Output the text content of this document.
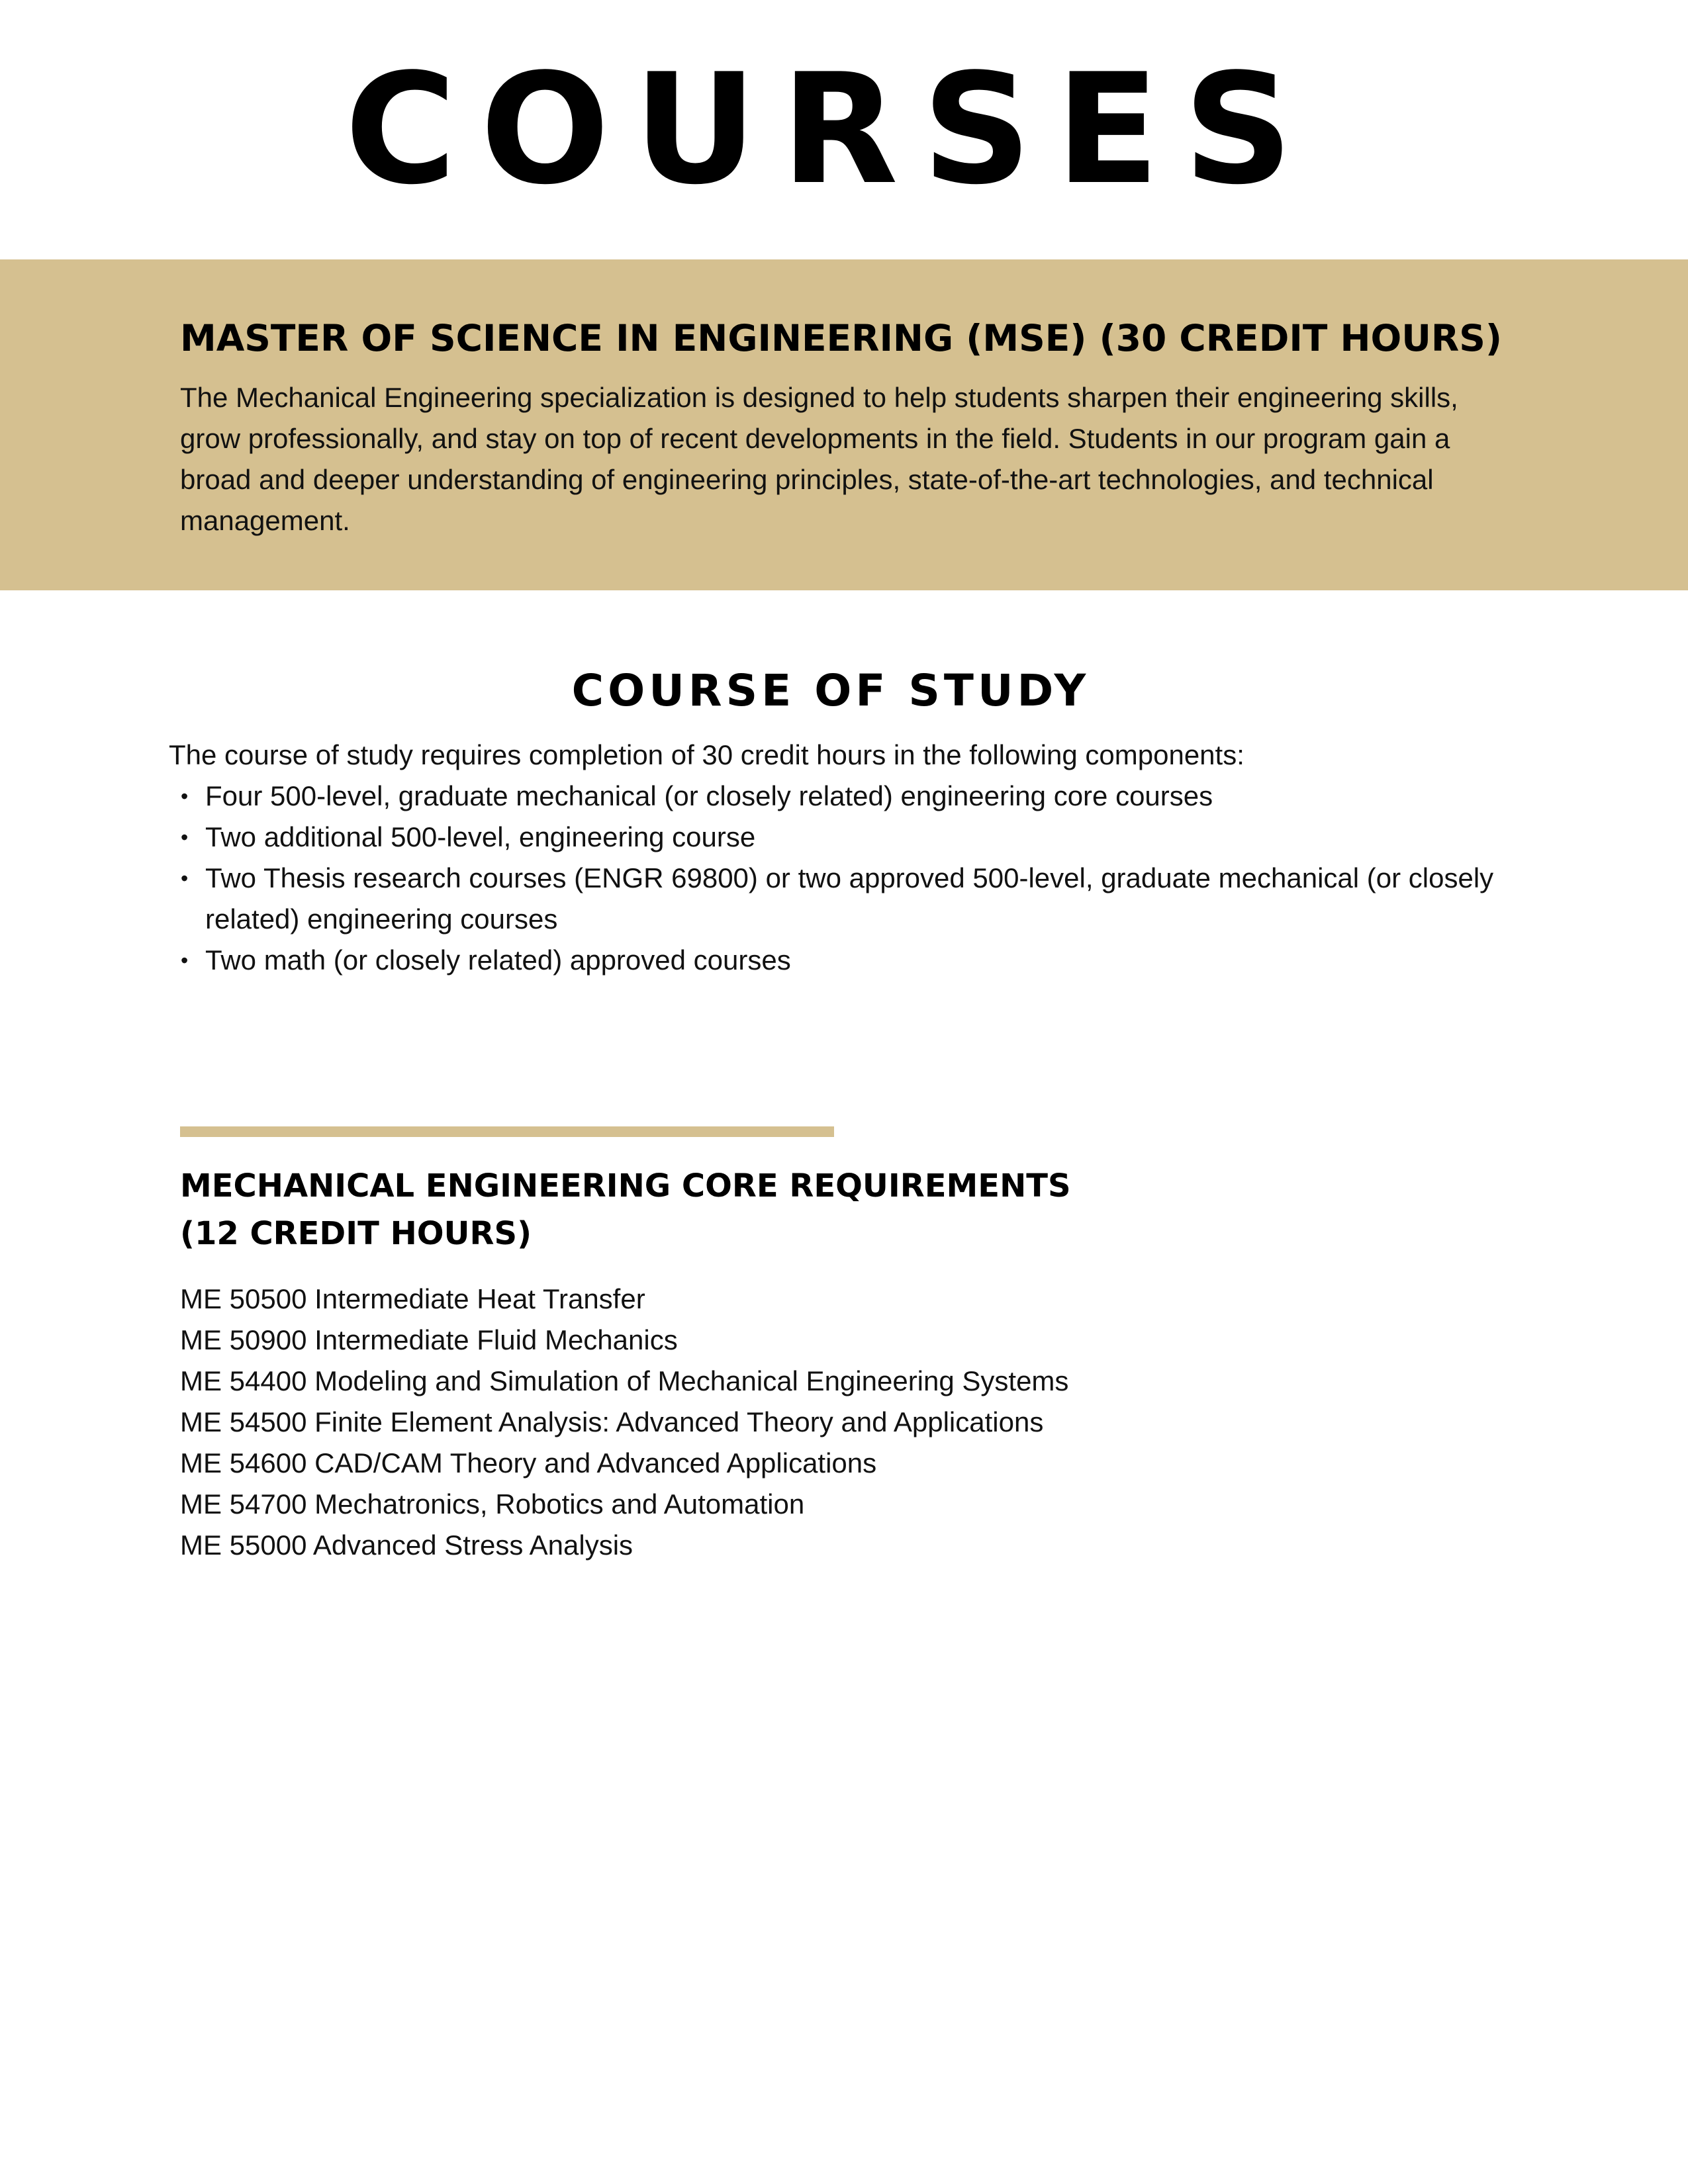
COURSES
MASTER OF SCIENCE IN ENGINEERING (MSE) (30 CREDIT HOURS)

The Mechanical Engineering specialization is designed to help students sharpen their engineering skills, grow professionally, and stay on top of recent developments in the field. Students in our program gain a broad and deeper understanding of engineering principles, state-of-the-art technologies, and technical management.

COURSE OF STUDY

The course of study requires completion of 30 credit hours in the following components:

• Four 500-level, graduate mechanical (or closely related) engineering core courses
• Two additional 500-level, engineering course
• Two Thesis research courses (ENGR 69800) or two approved 500-level, graduate mechanical (or closely related) engineering courses
• Two math (or closely related) approved courses
MECHANICAL ENGINEERING CORE REQUIREMENTS
(12 CREDIT HOURS)
ME 50500 Intermediate Heat Transfer
ME 50900 Intermediate Fluid Mechanics
ME 54400 Modeling and Simulation of Mechanical Engineering Systems
ME 54500 Finite Element Analysis: Advanced Theory and Applications
ME 54600 CAD/CAM Theory and Advanced Applications
ME 54700 Mechatronics, Robotics and Automation
ME 55000 Advanced Stress Analysis
